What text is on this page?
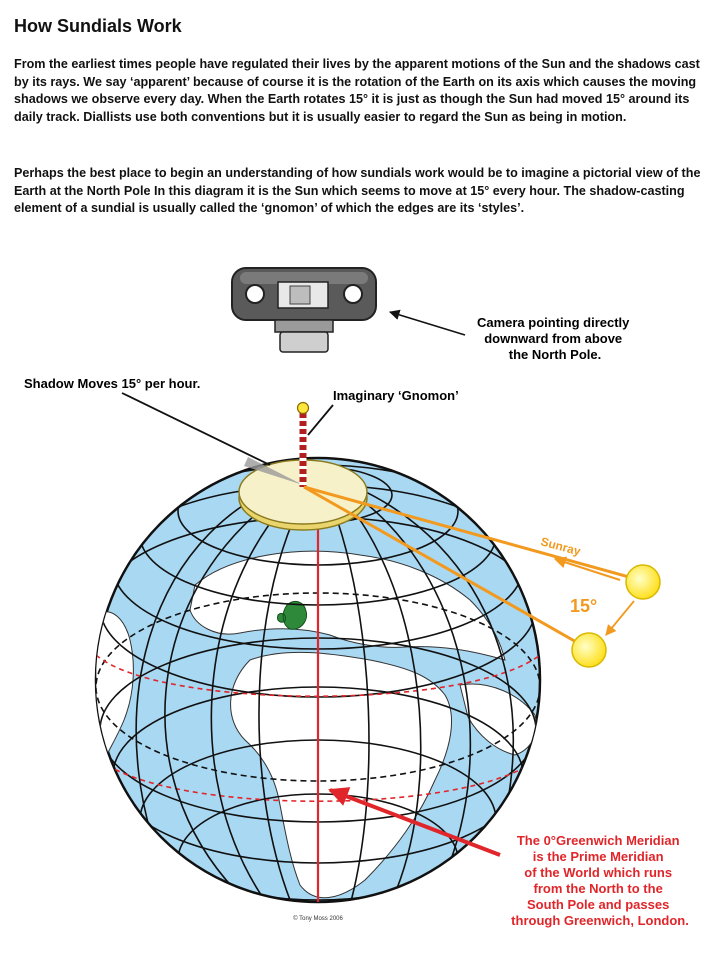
How Sundials Work

From the earliest times people have regulated their lives by the apparent motions of the Sun and the shadows cast by its rays. We say ‘apparent’ because of course it is the rotation of the Earth on its axis which causes the moving shadows we observe every day. When the Earth rotates 15° it is just as though the Sun had moved 15° around its daily track. Diallists use both conventions but it is usually easier to regard the Sun as being in motion.

Perhaps the best place to begin an understanding of how sundials work would be to imagine a pictorial view of the Earth at the North Pole In this diagram it is the Sun which seems to move at 15° every hour. The shadow-casting element of a sundial is usually called the ‘gnomon’ of which the edges are its ‘styles’.

Camera pointing directly downward from above the North Pole.
Shadow Moves 15° per hour.
Imaginary ‘Gnomon’
Sunray
15°
The 0°Greenwich Meridian is the Prime Meridian of the World which runs from the North to the South Pole and passes through Greenwich, London.
© Tony Moss 2006
